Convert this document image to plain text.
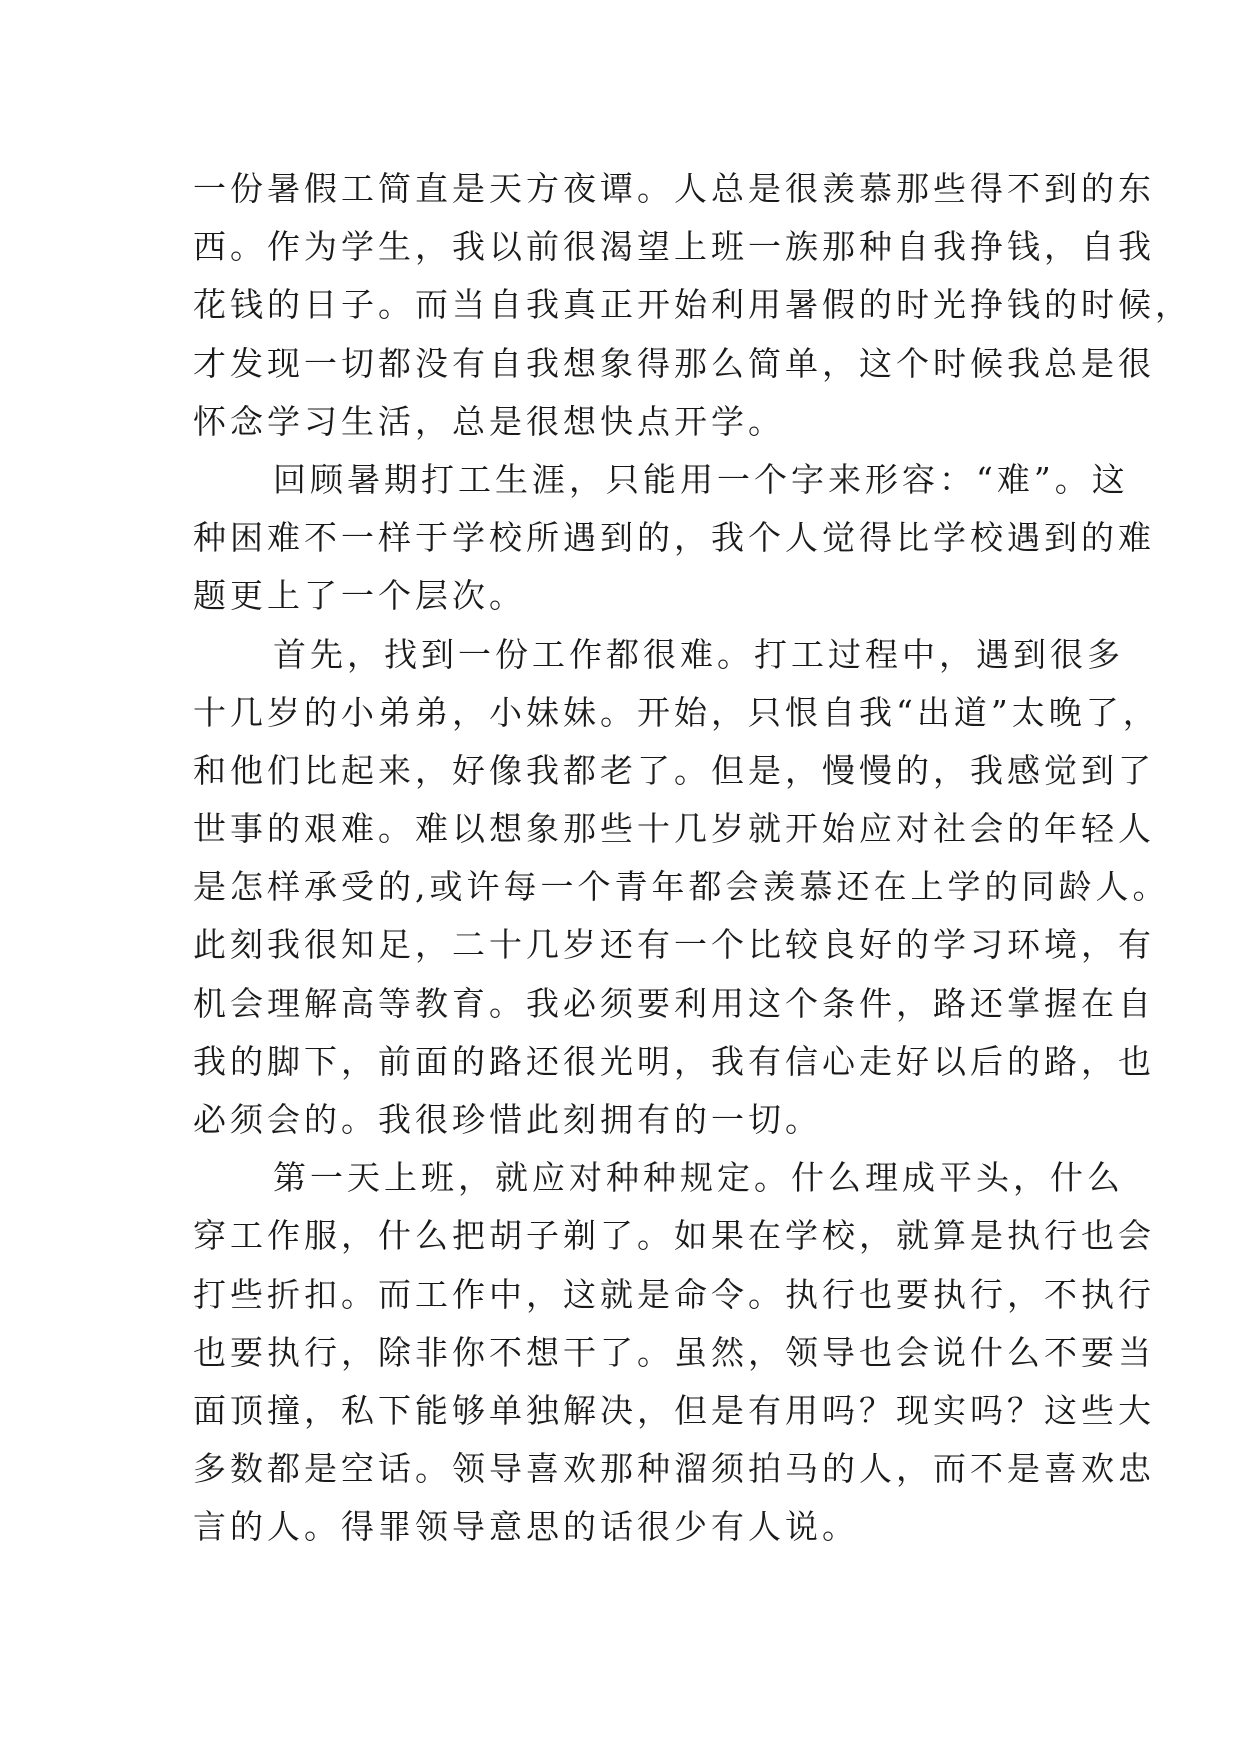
一份暑假工简直是天方夜谭。人总是很羡慕那些得不到的东
西。作为学生，我以前很渴望上班一族那种自我挣钱，自我
花钱的日子。而当自我真正开始利用暑假的时光挣钱的时候，
才发现一切都没有自我想象得那么简单，这个时候我总是很
怀念学习生活，总是很想快点开学。
回顾暑期打工生涯，只能用一个字来形容：“难”。这
种困难不一样于学校所遇到的，我个人觉得比学校遇到的难
题更上了一个层次。
首先，找到一份工作都很难。打工过程中，遇到很多
十几岁的小弟弟，小妹妹。开始，只恨自我“出道”太晚了，
和他们比起来，好像我都老了。但是，慢慢的，我感觉到了
世事的艰难。难以想象那些十几岁就开始应对社会的年轻人
是怎样承受的,或许每一个青年都会羡慕还在上学的同龄人。
此刻我很知足，二十几岁还有一个比较良好的学习环境，有
机会理解高等教育。我必须要利用这个条件，路还掌握在自
我的脚下，前面的路还很光明，我有信心走好以后的路，也
必须会的。我很珍惜此刻拥有的一切。
第一天上班，就应对种种规定。什么理成平头，什么
穿工作服，什么把胡子剃了。如果在学校，就算是执行也会
打些折扣。而工作中，这就是命令。执行也要执行，不执行
也要执行，除非你不想干了。虽然，领导也会说什么不要当
面顶撞，私下能够单独解决，但是有用吗？现实吗？这些大
多数都是空话。领导喜欢那种溜须拍马的人，而不是喜欢忠
言的人。得罪领导意思的话很少有人说。
